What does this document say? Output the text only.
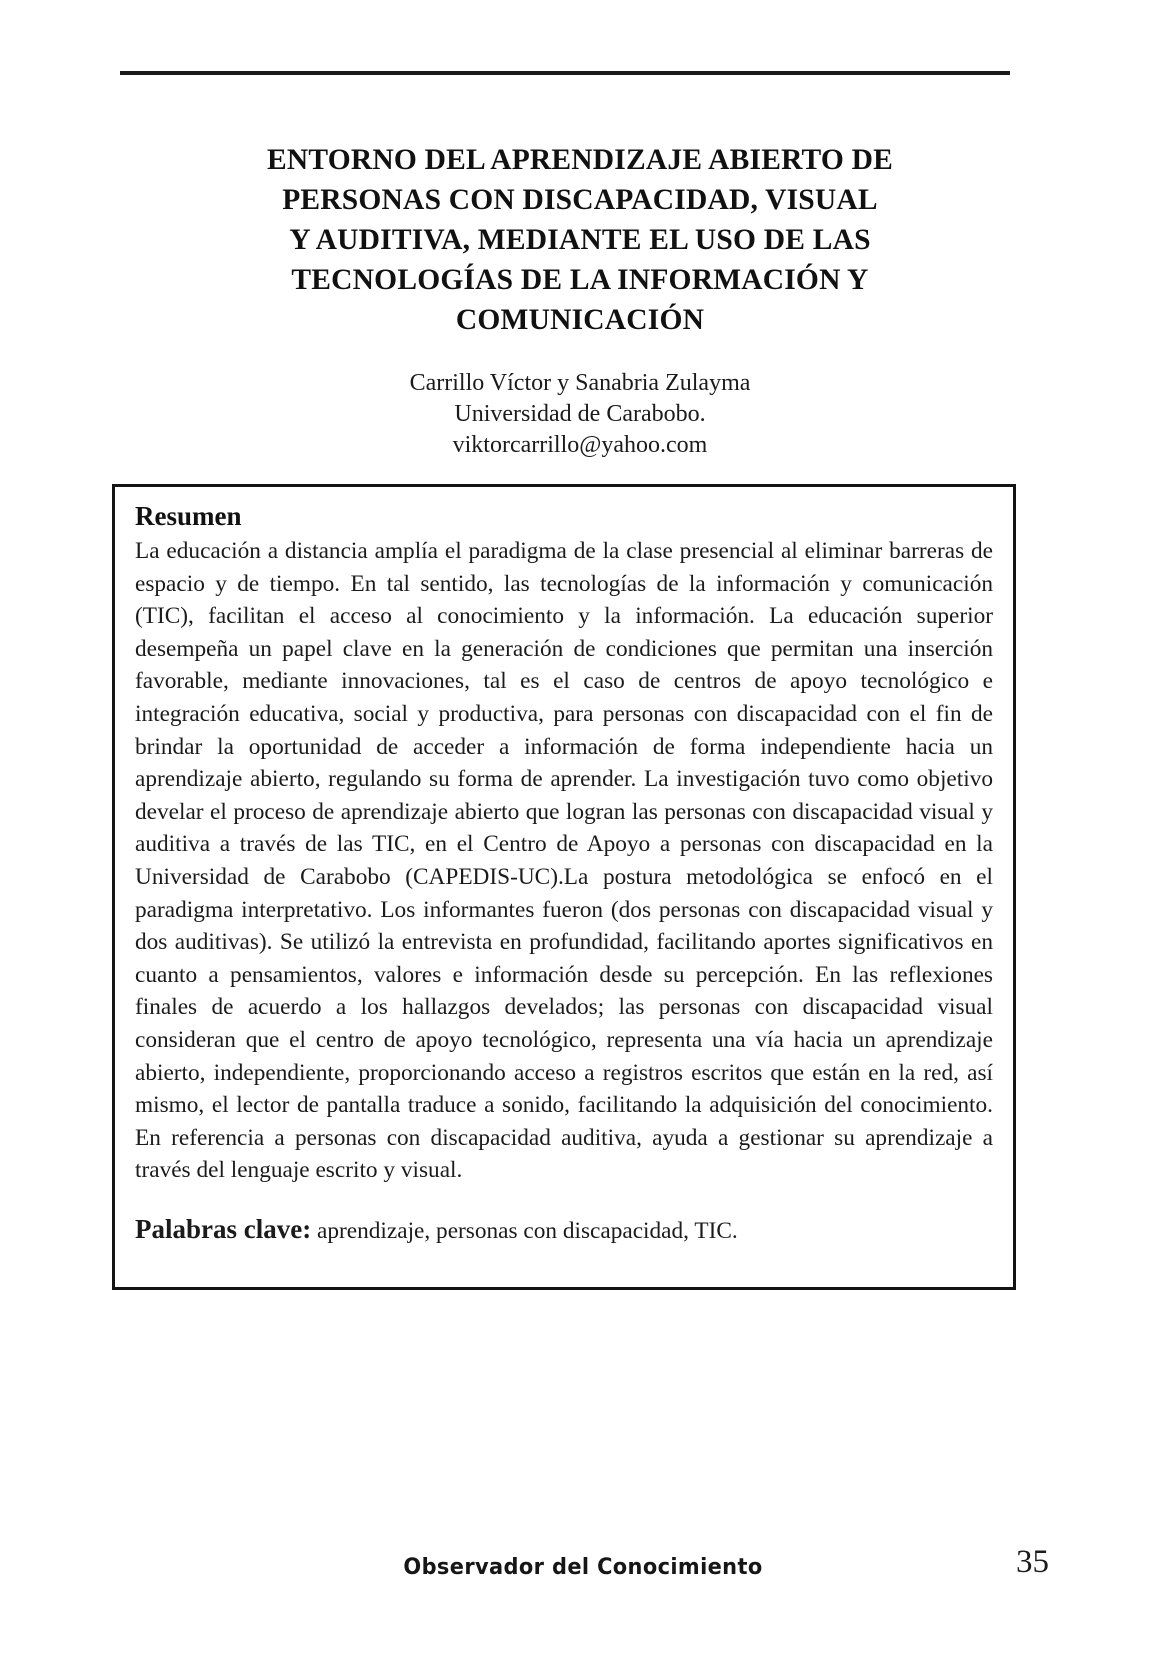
ENTORNO DEL APRENDIZAJE ABIERTO DE
PERSONAS CON DISCAPACIDAD, VISUAL
Y AUDITIVA, MEDIANTE EL USO DE LAS
TECNOLOGÍAS DE LA INFORMACIÓN Y
COMUNICACIÓN
Carrillo Víctor y Sanabria Zulayma
Universidad de Carabobo.
viktorcarrillo@yahoo.com
Resumen

La educación a distancia amplía el paradigma de la clase presencial al eliminar barreras de espacio y de tiempo. En tal sentido, las tecnologías de la información y comunicación (TIC), facilitan el acceso al conocimiento y la información. La educación superior desempeña un papel clave en la generación de condiciones que permitan una inserción favorable, mediante innovaciones, tal es el caso de centros de apoyo tecnológico e integración educativa, social y productiva, para personas con discapacidad con el fin de brindar la oportunidad de acceder a información de forma independiente hacia un aprendizaje abierto, regulando su forma de aprender. La investigación tuvo como objetivo develar el proceso de aprendizaje abierto que logran las personas con discapacidad visual y auditiva a través de las TIC, en el Centro de Apoyo a personas con discapacidad en la Universidad de Carabobo (CAPEDIS-UC).La postura metodológica se enfocó en el paradigma interpretativo. Los informantes fueron (dos personas con discapacidad visual y dos auditivas). Se utilizó la entrevista en profundidad, facilitando aportes significativos en cuanto a pensamientos, valores e información desde su percepción. En las reflexiones finales de acuerdo a los hallazgos develados; las personas con discapacidad visual consideran que el centro de apoyo tecnológico, representa una vía hacia un aprendizaje abierto, independiente, proporcionando acceso a registros escritos que están en la red, así mismo, el lector de pantalla traduce a sonido, facilitando la adquisición del conocimiento. En referencia a personas con discapacidad auditiva, ayuda a gestionar su aprendizaje a través del lenguaje escrito y visual.

Palabras clave: aprendizaje, personas con discapacidad, TIC.
Observador del Conocimiento	35
